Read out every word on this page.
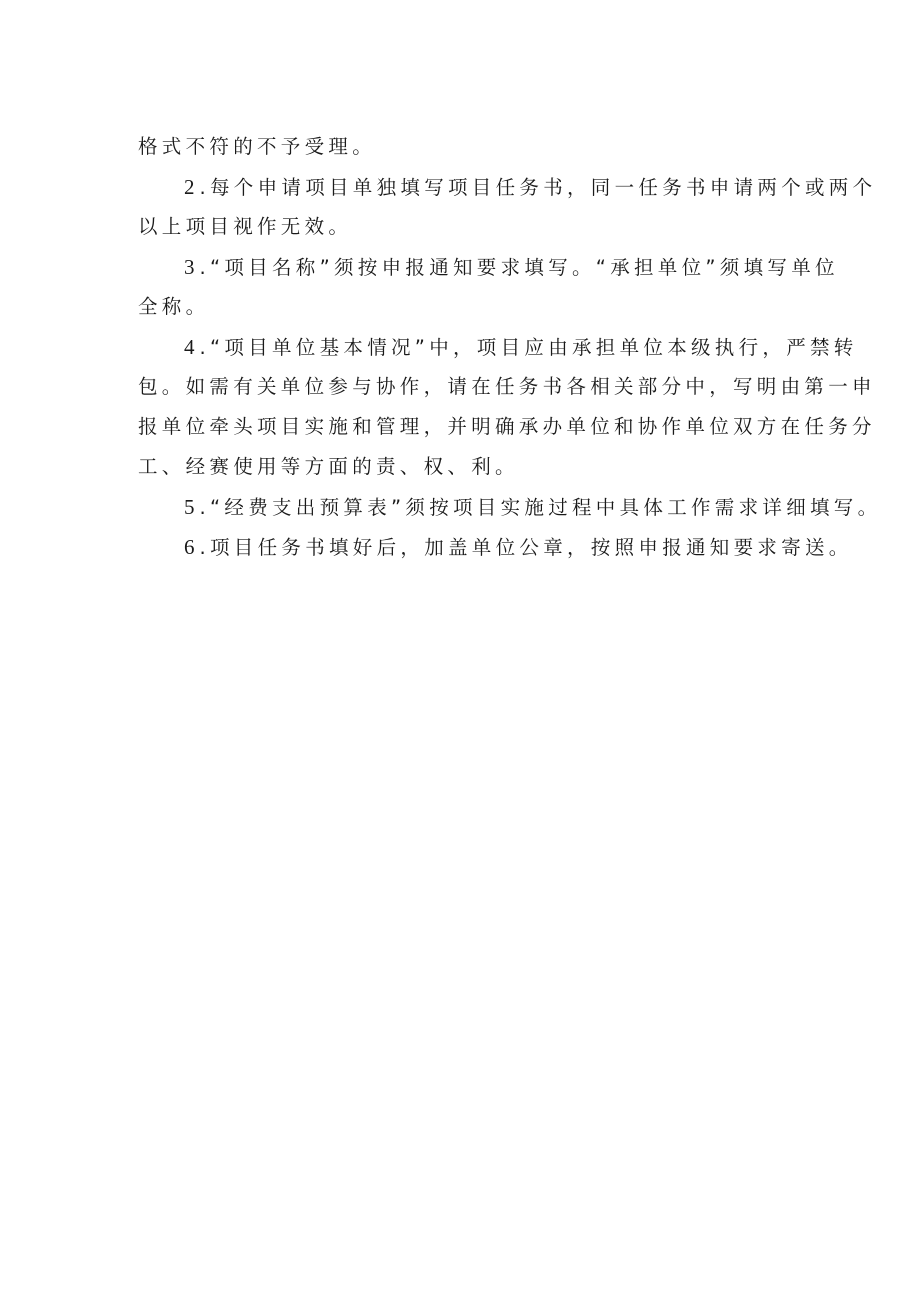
格式不符的不予受理。
2.每个申请项目单独填写项目任务书，同一任务书申请两个或两个
以上项目视作无效。
3.“项目名称”须按申报通知要求填写。“承担单位”须填写单位
全称。
4.“项目单位基本情况”中，项目应由承担单位本级执行，严禁转
包。如需有关单位参与协作，请在任务书各相关部分中，写明由第一申
报单位牵头项目实施和管理，并明确承办单位和协作单位双方在任务分
工、经赛使用等方面的责、权、利。
5.“经费支出预算表”须按项目实施过程中具体工作需求详细填写。
6.项目任务书填好后，加盖单位公章，按照申报通知要求寄送。
